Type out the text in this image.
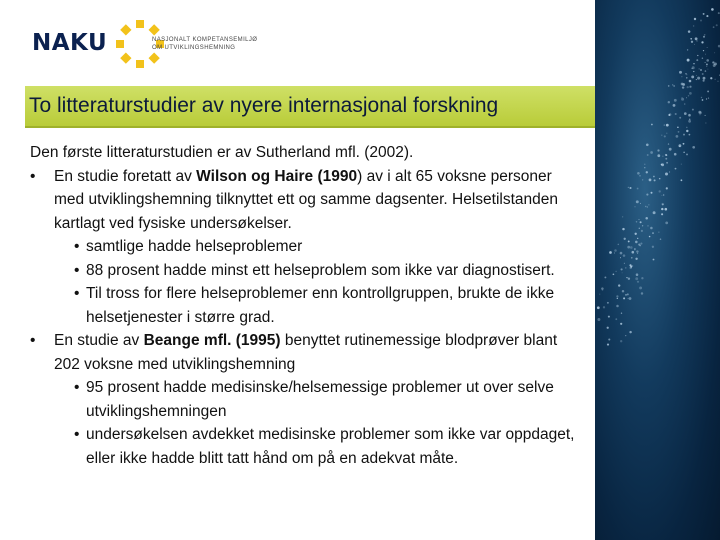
NAKU	NASJONALT KOMPETANSEMILJØ
OM UTVIKLINGSHEMNING
To litteraturstudier av nyere internasjonal forskning

Den første litteraturstudien er av Sutherland mfl. (2002).

• En studie foretatt av Wilson og Haire (1990) av i alt 65 voksne personer med utviklingshemning tilknyttet ett og samme dagsenter. Helsetilstanden kartlagt ved fysiske undersøkelser.
• samtlige hadde helseproblemer
• 88 prosent hadde minst ett helseproblem som ikke var diagnostisert.
• Til tross for flere helseproblemer enn kontrollgruppen, brukte de ikke helsetjenester i større grad.
• En studie av Beange mfl. (1995) benyttet rutinemessige blodprøver blant 202 voksne med utviklingshemning
• 95 prosent hadde medisinske/helsemessige problemer ut over selve utviklingshemningen
• undersøkelsen avdekket medisinske problemer som ikke var oppdaget, eller ikke hadde blitt tatt hånd om på en adekvat måte.
